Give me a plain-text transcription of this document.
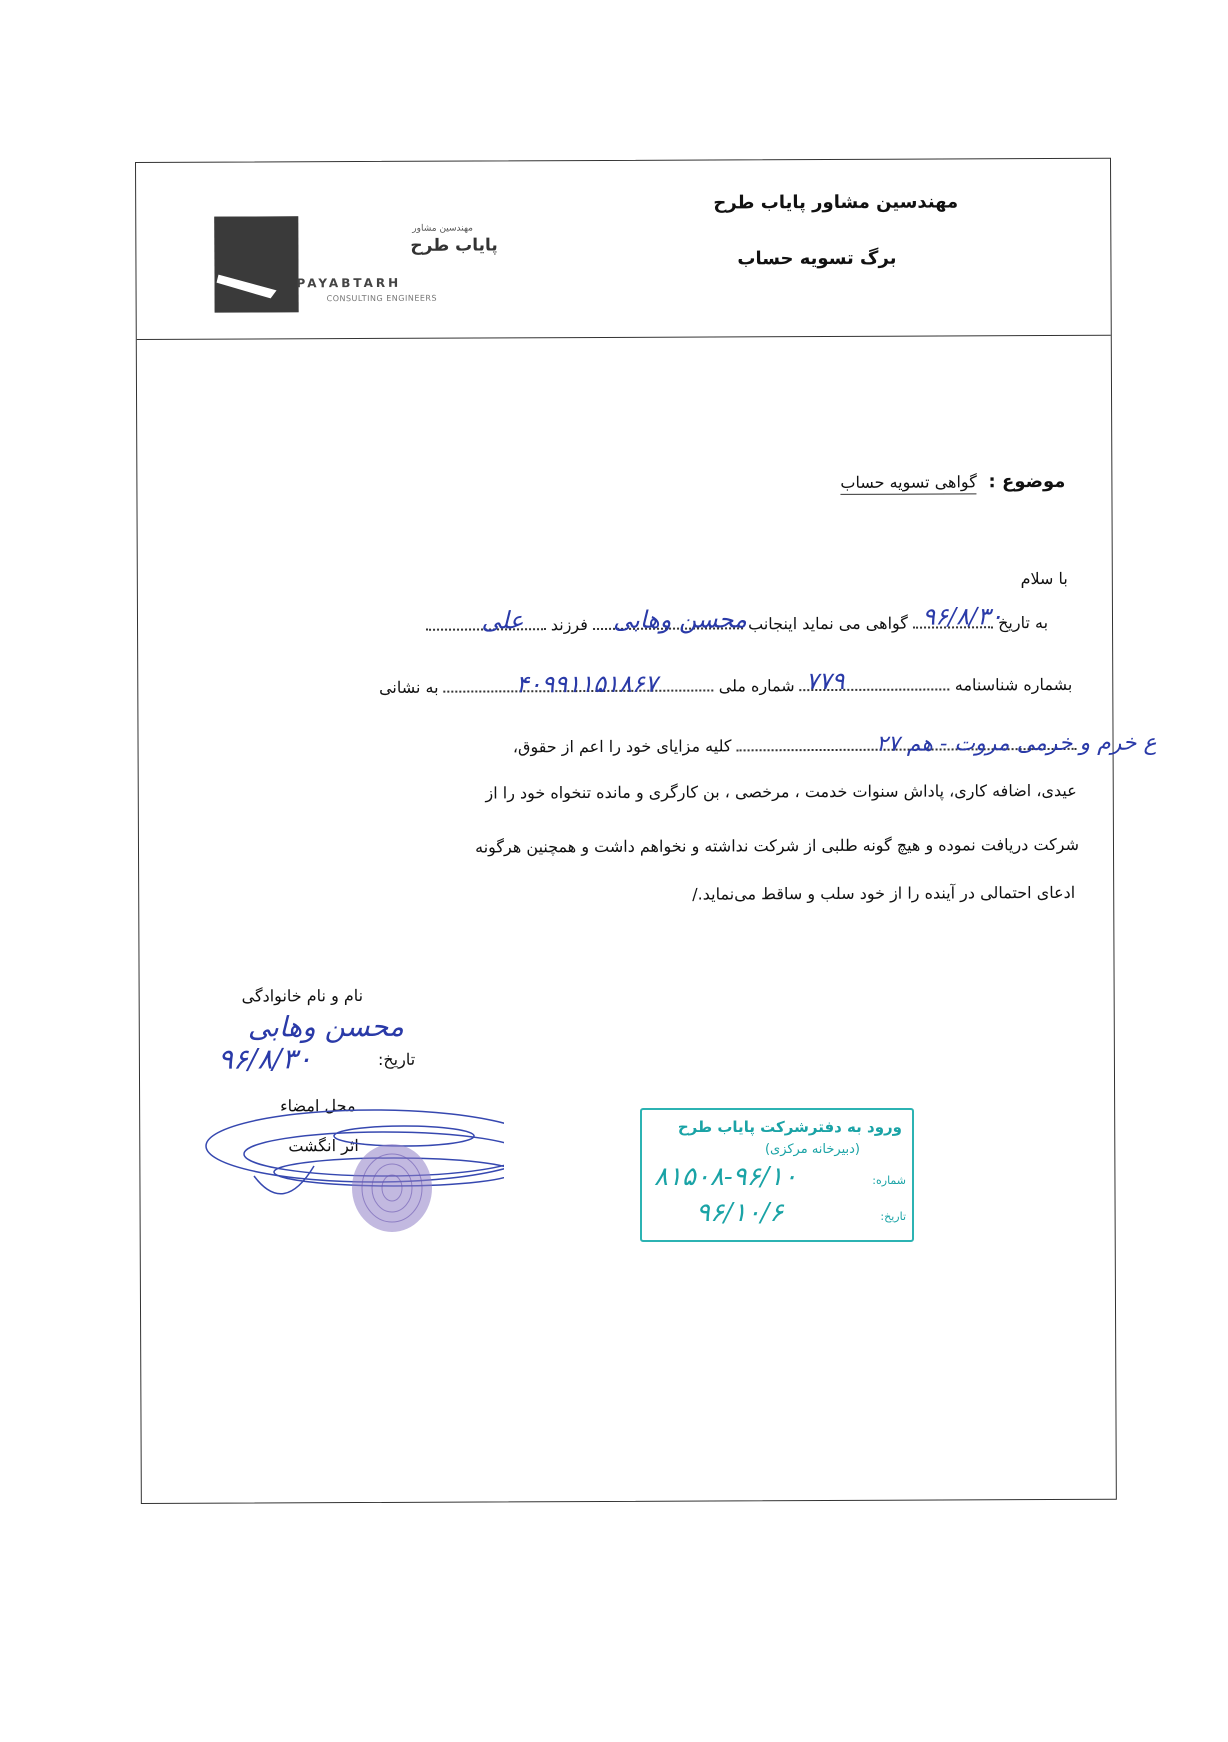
مهندسین مشاور
پایاب طرح
PAYABTARH
CONSULTING ENGINEERS
مهندسین مشاور پایاب طرح
برگ تسویه حساب
موضوع : گواهی تسویه حساب
با سلام
به تاریخ
۹۶/۸/۳۰
گواهی می نماید اینجانب
محسن وهابی
فرزند
علی
بشماره شناسنامه
۷۷۹
شماره ملی
۴۰۹۹۱۱۵۱۸۶۷
به نشانی
ع خرم و خرمی مروت - هم ۲۷
کلیه مزایای خود را اعم از حقوق،
عیدی، اضافه کاری، پاداش سنوات خدمت ، مرخصی ، بن کارگری و مانده تنخواه خود را از
شرکت دریافت نموده و هیچ گونه طلبی از شرکت نداشته و نخواهم داشت و همچنین هرگونه
ادعای احتمالی در آینده را از خود سلب و ساقط می‌نماید./
نام و نام خانوادگی
محسن وهابی
تاریخ:
۹۶/۸/۳۰
محل امضاء
اثر انگشت
ورود به دفترشرکت پایاب طرح
(دبیرخانه مرکزی)
شماره:
۸۱۵۰۸-۹۶/۱۰
تاریخ:
۹۶/۱۰/۶
